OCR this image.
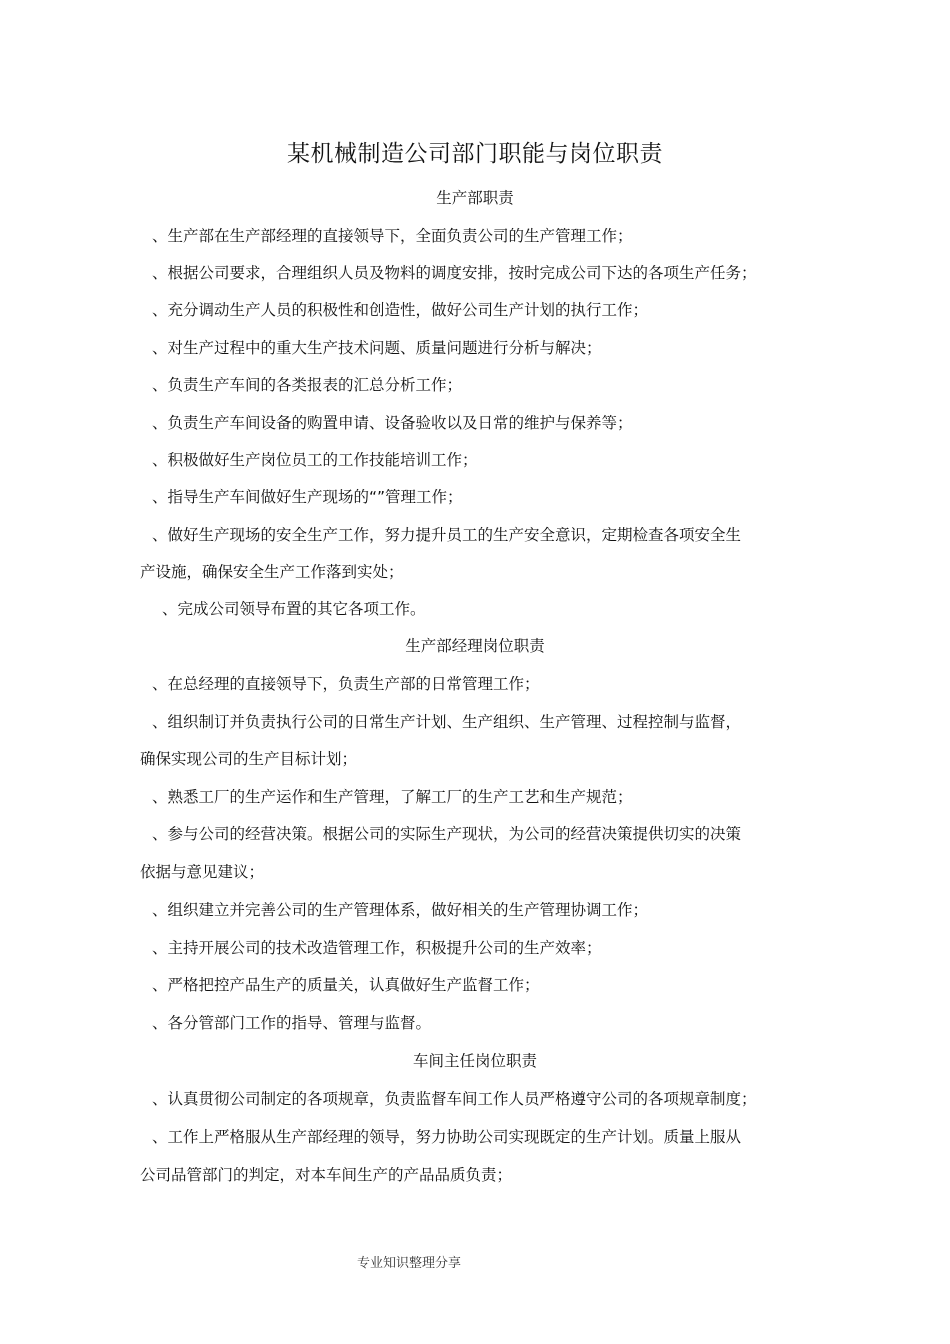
某机械制造公司部门职能与岗位职责
生产部职责
、生产部在生产部经理的直接领导下，全面负责公司的生产管理工作；
、根据公司要求，合理组织人员及物料的调度安排，按时完成公司下达的各项生产任务；
、充分调动生产人员的积极性和创造性，做好公司生产计划的执行工作；
、对生产过程中的重大生产技术问题、质量问题进行分析与解决；
、负责生产车间的各类报表的汇总分析工作；
、负责生产车间设备的购置申请、设备验收以及日常的维护与保养等；
、积极做好生产岗位员工的工作技能培训工作；
、指导生产车间做好生产现场的“”管理工作；
、做好生产现场的安全生产工作，努力提升员工的生产安全意识，定期检查各项安全生
产设施，确保安全生产工作落到实处；
、完成公司领导布置的其它各项工作。
生产部经理岗位职责
、在总经理的直接领导下，负责生产部的日常管理工作；
、组织制订并负责执行公司的日常生产计划、生产组织、生产管理、过程控制与监督，
确保实现公司的生产目标计划；
、熟悉工厂的生产运作和生产管理，了解工厂的生产工艺和生产规范；
、参与公司的经营决策。根据公司的实际生产现状，为公司的经营决策提供切实的决策
依据与意见建议；
、组织建立并完善公司的生产管理体系，做好相关的生产管理协调工作；
、主持开展公司的技术改造管理工作，积极提升公司的生产效率；
、严格把控产品生产的质量关，认真做好生产监督工作；
、各分管部门工作的指导、管理与监督。
车间主任岗位职责
、认真贯彻公司制定的各项规章，负责监督车间工作人员严格遵守公司的各项规章制度；
、工作上严格服从生产部经理的领导，努力协助公司实现既定的生产计划。质量上服从
公司品管部门的判定，对本车间生产的产品品质负责；
专业知识整理分享
